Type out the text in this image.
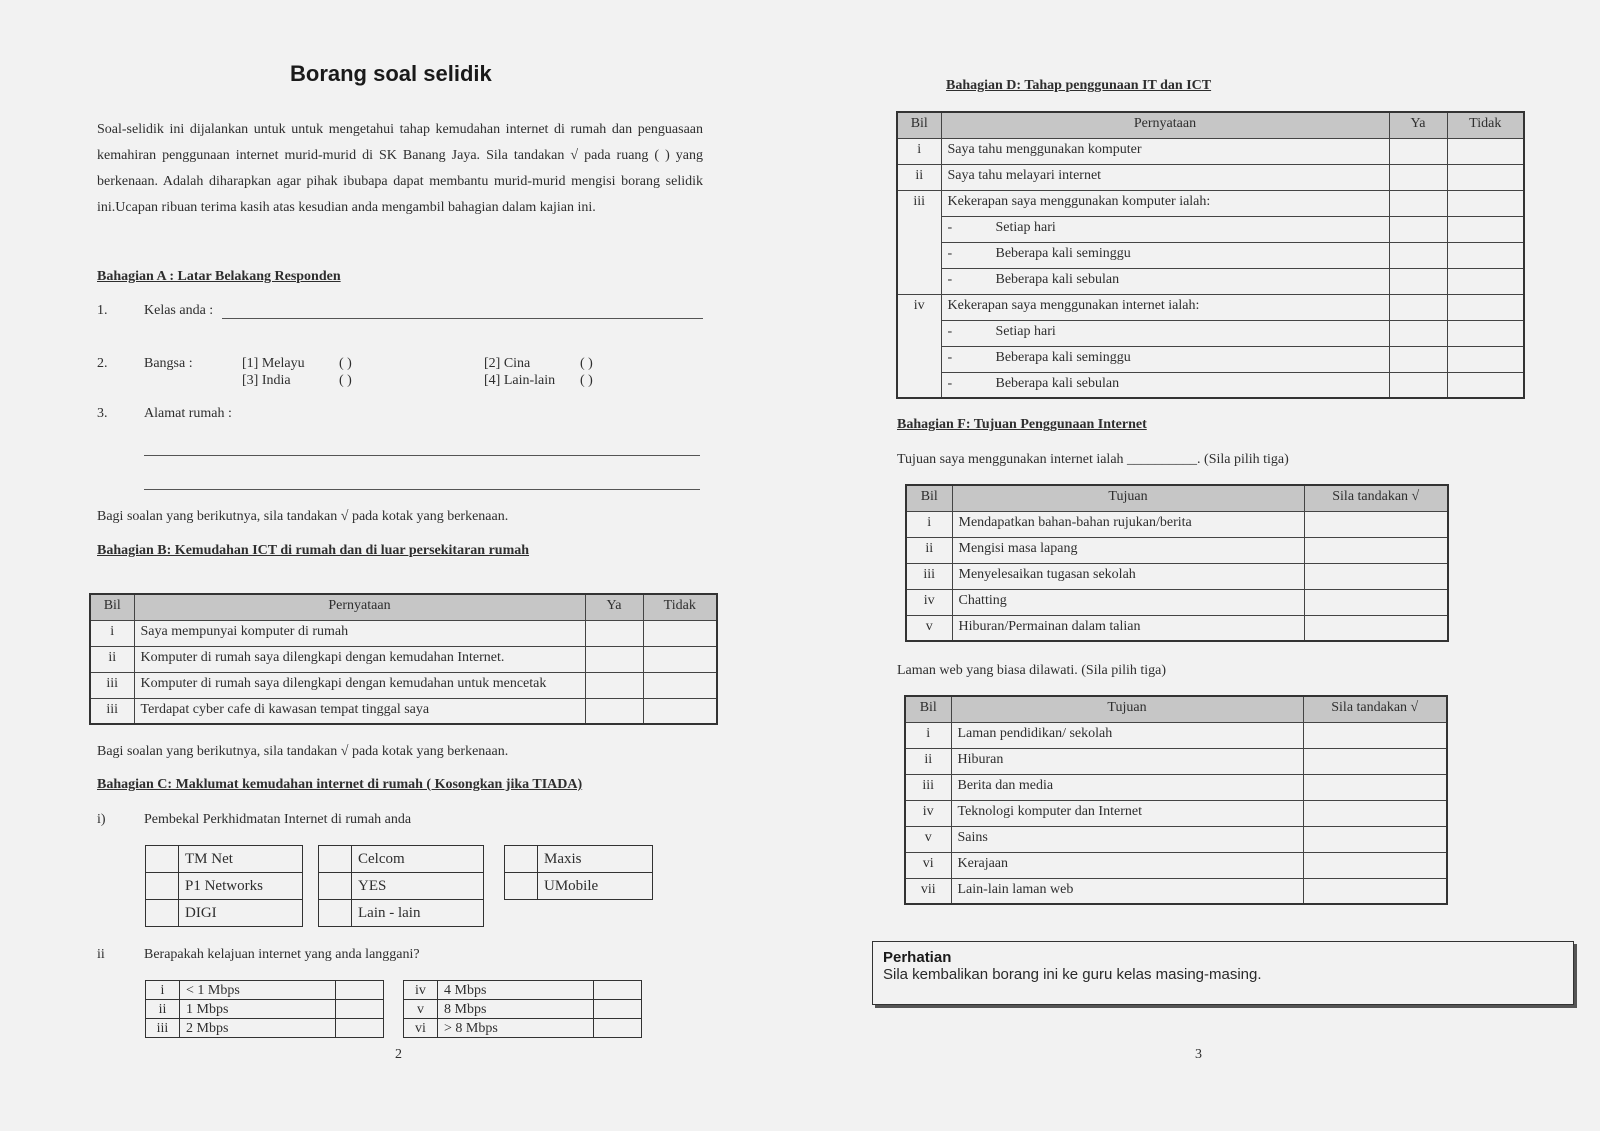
Borang soal selidik
Soal-selidik ini dijalankan untuk untuk mengetahui tahap kemudahan internet di rumah dan penguasaan kemahiran penggunaan internet murid-murid di SK Banang Jaya. Sila tandakan √ pada ruang ( ) yang berkenaan. Adalah diharapkan agar pihak ibubapa dapat membantu murid-murid mengisi borang selidik ini.Ucapan ribuan terima kasih atas kesudian anda mengambil bahagian dalam kajian ini.
Bahagian A : Latar Belakang Responden
1.	Kelas anda :
2.	Bangsa :	[1] Melayu ( )
[3] India	( )
[2] Cina	( )
[4] Lain-lain ( )
3.	Alamat rumah :
Bagi soalan yang berikutnya, sila tandakan √ pada kotak yang berkenaan.
Bahagian B: Kemudahan ICT di rumah dan di luar persekitaran rumah
Bil	Pernyataan	Ya	Tidak
i	Saya mempunyai komputer di rumah		
ii	Komputer di rumah saya dilengkapi dengan kemudahan Internet.		
iii	Komputer di rumah saya dilengkapi dengan kemudahan untuk mencetak		
iii	Terdapat cyber cafe di kawasan tempat tinggal saya		
Bagi soalan yang berikutnya, sila tandakan √ pada kotak yang berkenaan.
Bahagian C: Maklumat kemudahan internet di rumah ( Kosongkan jika TIADA)
i)	Pembekal Perkhidmatan Internet di rumah anda
	TM Net
	P1 Networks
	DIGI
	Celcom
	YES
	Lain - lain
	Maxis
	UMobile
ii	Berapakah kelajuan internet yang anda langgani?
i	< 1 Mbps	
ii	1 Mbps	
iii	2 Mbps	
iv	4 Mbps	
v	8 Mbps	
vi	> 8 Mbps	
2
Bahagian D: Tahap penggunaan IT dan ICT
Bil	Pernyataan	Ya	Tidak
i	Saya tahu menggunakan komputer		
ii	Saya tahu melayari internet		
iii	Kekerapan saya menggunakan komputer ialah:		
	- Setiap hari		
	- Beberapa kali seminggu		
	- Beberapa kali sebulan		
iv	Kekerapan saya menggunakan internet ialah:		
	- Setiap hari		
	- Beberapa kali seminggu		
	- Beberapa kali sebulan		
Bahagian F: Tujuan Penggunaan Internet
Tujuan saya menggunakan internet ialah __________. (Sila pilih tiga)
Bil	Tujuan	Sila tandakan √
i	Mendapatkan bahan-bahan rujukan/berita	
ii	Mengisi masa lapang	
iii	Menyelesaikan tugasan sekolah	
iv	Chatting	
v	Hiburan/Permainan dalam talian	
Laman web yang biasa dilawati. (Sila pilih tiga)
Bil	Tujuan	Sila tandakan √
i	Laman pendidikan/ sekolah	
ii	Hiburan	
iii	Berita dan media	
iv	Teknologi komputer dan Internet	
v	Sains	
vi	Kerajaan	
vii	Lain-lain laman web	
3
Perhatian
Sila kembalikan borang ini ke guru kelas masing-masing.
